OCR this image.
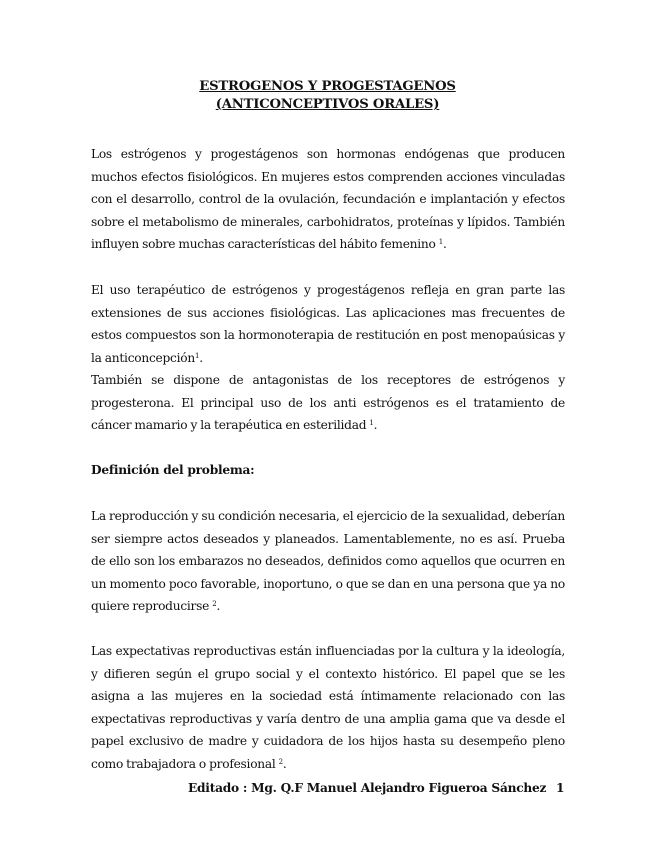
ESTROGENOS Y PROGESTAGENOS
(ANTICONCEPTIVOS ORALES)

Los estrógenos y progestágenos son hormonas endógenas que producen muchos efectos fisiológicos. En mujeres estos comprenden acciones vinculadas con el desarrollo, control de la ovulación, fecundación e implantación y efectos sobre el metabolismo de minerales, carbohidratos, proteínas y lípidos. También influyen sobre muchas características del hábito femenino $^1$.

El uso terapéutico de estrógenos y progestágenos refleja en gran parte las extensiones de sus acciones fisiológicas. Las aplicaciones mas frecuentes de estos compuestos son la hormonoterapia de restitución en post menopaúsicas y la anticoncepción$^1$.

También se dispone de antagonistas de los receptores de estrógenos y progesterona. El principal uso de los anti estrógenos es el tratamiento de cáncer mamario y la terapéutica en esterilidad $^1$.

Definición del problema:

La reproducción y su condición necesaria, el ejercicio de la sexualidad, deberían ser siempre actos deseados y planeados. Lamentablemente, no es así. Prueba de ello son los embarazos no deseados, definidos como aquellos que ocurren en un momento poco favorable, inoportuno, o que se dan en una persona que ya no quiere reproducirse $^2$.

Las expectativas reproductivas están influenciadas por la cultura y la ideología, y difieren según el grupo social y el contexto histórico. El papel que se les asigna a las mujeres en la sociedad está íntimamente relacionado con las expectativas reproductivas y varía dentro de una amplia gama que va desde el papel exclusivo de madre y cuidadora de los hijos hasta su desempeño pleno como trabajadora o profesional $^2$.

Editado : Mg. Q.F Manuel Alejandro Figueroa Sánchez 1
